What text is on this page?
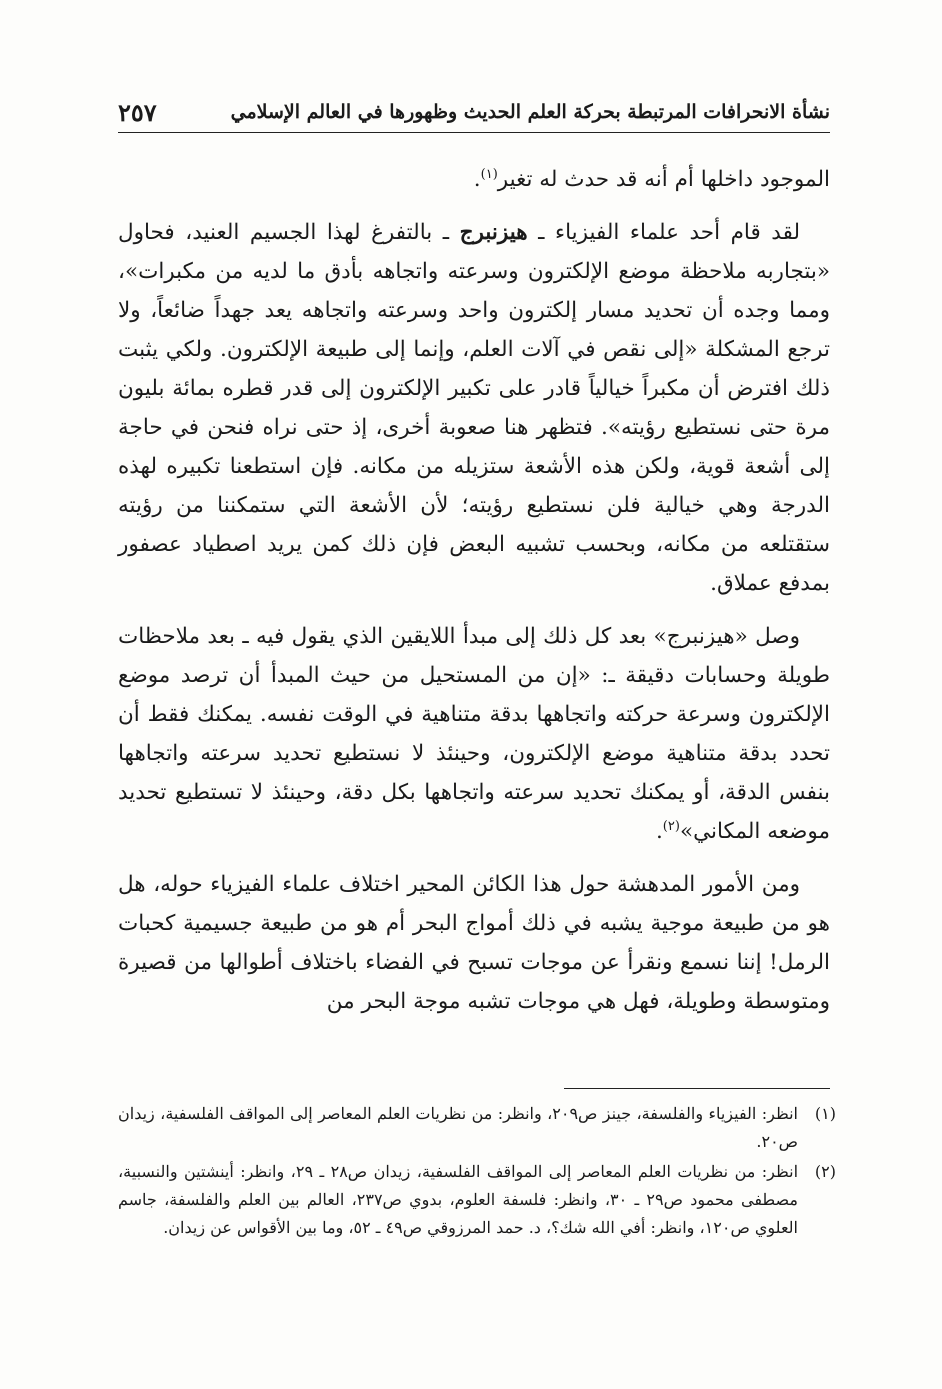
نشأة الانحرافات المرتبطة بحركة العلم الحديث وظهورها في العالم الإسلامي
٢٥٧

الموجود داخلها أم أنه قد حدث له تغير$^{(١)}$.

لقد قام أحد علماء الفيزياء ـ هيزنبرج ـ بالتفرغ لهذا الجسيم العنيد، فحاول «بتجاربه ملاحظة موضع الإلكترون وسرعته واتجاهه بأدق ما لديه من مكبرات»، ومما وجده أن تحديد مسار إلكترون واحد وسرعته واتجاهه يعد جهداً ضائعاً، ولا ترجع المشكلة «إلى نقص في آلات العلم، وإنما إلى طبيعة الإلكترون. ولكي يثبت ذلك افترض أن مكبراً خيالياً قادر على تكبير الإلكترون إلى قدر قطره بمائة بليون مرة حتى نستطيع رؤيته». فتظهر هنا صعوبة أخرى، إذ حتى نراه فنحن في حاجة إلى أشعة قوية، ولكن هذه الأشعة ستزيله من مكانه. فإن استطعنا تكبيره لهذه الدرجة وهي خيالية فلن نستطيع رؤيته؛ لأن الأشعة التي ستمكننا من رؤيته ستقتلعه من مكانه، وبحسب تشبيه البعض فإن ذلك كمن يريد اصطياد عصفور بمدفع عملاق.

وصل «هيزنبرج» بعد كل ذلك إلى مبدأ اللايقين الذي يقول فيه ـ بعد ملاحظات طويلة وحسابات دقيقة ـ: «إن من المستحيل من حيث المبدأ أن ترصد موضع الإلكترون وسرعة حركته واتجاهها بدقة متناهية في الوقت نفسه. يمكنك فقط أن تحدد بدقة متناهية موضع الإلكترون، وحينئذ لا نستطيع تحديد سرعته واتجاهها بنفس الدقة، أو يمكنك تحديد سرعته واتجاهها بكل دقة، وحينئذ لا تستطيع تحديد موضعه المكاني»$^{(٢)}$.

ومن الأمور المدهشة حول هذا الكائن المحير اختلاف علماء الفيزياء حوله، هل هو من طبيعة موجية يشبه في ذلك أمواج البحر أم هو من طبيعة جسيمية كحبات الرمل! إننا نسمع ونقرأ عن موجات تسبح في الفضاء باختلاف أطوالها من قصيرة ومتوسطة وطويلة، فهل هي موجات تشبه موجة البحر من

(١)
انظر: الفيزياء والفلسفة، جينز ص٢٠٩، وانظر: من نظريات العلم المعاصر إلى المواقف الفلسفية، زيدان ص٢٠.
(٢)
انظر: من نظريات العلم المعاصر إلى المواقف الفلسفية، زيدان ص٢٨ ـ ٢٩، وانظر: أينشتين والنسبية، مصطفى محمود ص٢٩ ـ ٣٠، وانظر: فلسفة العلوم، بدوي ص٢٣٧، العالم بين العلم والفلسفة، جاسم العلوي ص١٢٠، وانظر: أفي الله شك؟، د. حمد المرزوقي ص٤٩ ـ ٥٢، وما بين الأقواس عن زيدان.
